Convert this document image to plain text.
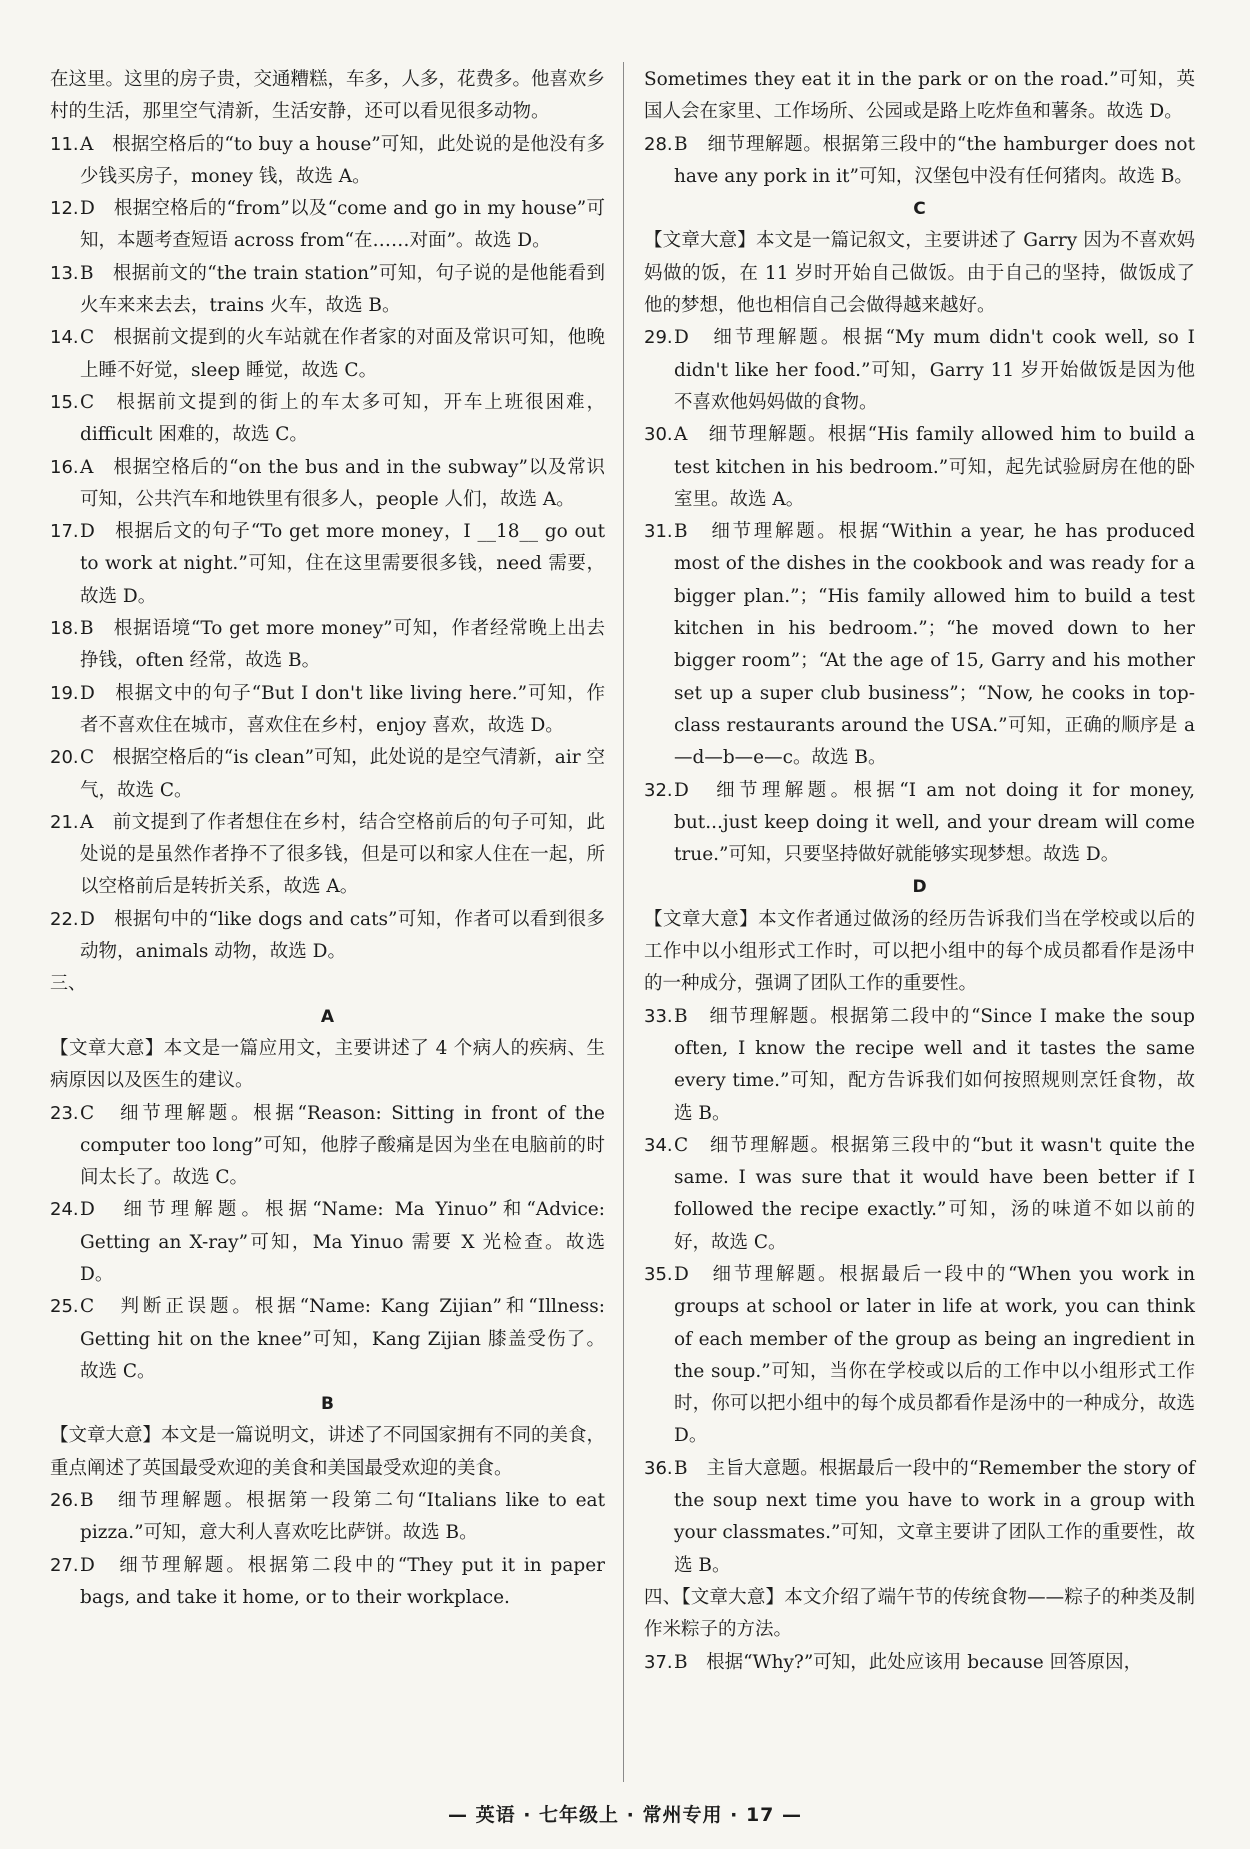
在这里。这里的房子贵，交通糟糕，车多，人多，花费多。他喜欢乡村的生活，那里空气清新，生活安静，还可以看见很多动物。

11. A　根据空格后的“to buy a house”可知，此处说的是他没有多少钱买房子，money 钱，故选 A。
12. D　根据空格后的“from”以及“come and go in my house”可知，本题考查短语 across from“在……对面”。故选 D。
13. B　根据前文的“the train station”可知，句子说的是他能看到火车来来去去，trains 火车，故选 B。
14. C　根据前文提到的火车站就在作者家的对面及常识可知，他晚上睡不好觉，sleep 睡觉，故选 C。
15. C　根据前文提到的街上的车太多可知，开车上班很困难，difficult 困难的，故选 C。
16. A　根据空格后的“on the bus and in the subway”以及常识可知，公共汽车和地铁里有很多人，people 人们，故选 A。
17. D　根据后文的句子“To get more money，I __18__ go out to work at night.”可知，住在这里需要很多钱，need 需要，故选 D。
18. B　根据语境“To get more money”可知，作者经常晚上出去挣钱，often 经常，故选 B。
19. D　根据文中的句子“But I don't like living here.”可知，作者不喜欢住在城市，喜欢住在乡村，enjoy 喜欢，故选 D。
20. C　根据空格后的“is clean”可知，此处说的是空气清新，air 空气，故选 C。
21. A　前文提到了作者想住在乡村，结合空格前后的句子可知，此处说的是虽然作者挣不了很多钱，但是可以和家人住在一起，所以空格前后是转折关系，故选 A。
22. D　根据句中的“like dogs and cats”可知，作者可以看到很多动物，animals 动物，故选 D。

三、

A

【文章大意】本文是一篇应用文，主要讲述了 4 个病人的疾病、生病原因以及医生的建议。

23. C　细节理解题。根据“Reason: Sitting in front of the computer too long”可知，他脖子酸痛是因为坐在电脑前的时间太长了。故选 C。
24. D　细节理解题。根据“Name: Ma Yinuo”和“Advice: Getting an X-ray”可知，Ma Yinuo 需要 X 光检查。故选 D。
25. C　判断正误题。根据“Name: Kang Zijian”和“Illness: Getting hit on the knee”可知，Kang Zijian 膝盖受伤了。故选 C。

B

【文章大意】本文是一篇说明文，讲述了不同国家拥有不同的美食，重点阐述了英国最受欢迎的美食和美国最受欢迎的美食。

26. B　细节理解题。根据第一段第二句“Italians like to eat pizza.”可知，意大利人喜欢吃比萨饼。故选 B。
27. D　细节理解题。根据第二段中的“They put it in paper bags, and take it home, or to their workplace.

Sometimes they eat it in the park or on the road.”可知，英国人会在家里、工作场所、公园或是路上吃炸鱼和薯条。故选 D。

28. B　细节理解题。根据第三段中的“the hamburger does not have any pork in it”可知，汉堡包中没有任何猪肉。故选 B。

C

【文章大意】本文是一篇记叙文，主要讲述了 Garry 因为不喜欢妈妈做的饭，在 11 岁时开始自己做饭。由于自己的坚持，做饭成了他的梦想，他也相信自己会做得越来越好。

29. D　细节理解题。根据“My mum didn't cook well, so I didn't like her food.”可知，Garry 11 岁开始做饭是因为他不喜欢他妈妈做的食物。
30. A　细节理解题。根据“His family allowed him to build a test kitchen in his bedroom.”可知，起先试验厨房在他的卧室里。故选 A。
31. B　细节理解题。根据“Within a year, he has produced most of the dishes in the cookbook and was ready for a bigger plan.”；“His family allowed him to build a test kitchen in his bedroom.”；“he moved down to her bigger room”；“At the age of 15, Garry and his mother set up a super club business”；“Now, he cooks in top-class restaurants around the USA.”可知，正确的顺序是 a—d—b—e—c。故选 B。
32. D　细节理解题。根据“I am not doing it for money, but...just keep doing it well, and your dream will come true.”可知，只要坚持做好就能够实现梦想。故选 D。

D

【文章大意】本文作者通过做汤的经历告诉我们当在学校或以后的工作中以小组形式工作时，可以把小组中的每个成员都看作是汤中的一种成分，强调了团队工作的重要性。

33. B　细节理解题。根据第二段中的“Since I make the soup often, I know the recipe well and it tastes the same every time.”可知，配方告诉我们如何按照规则烹饪食物，故选 B。
34. C　细节理解题。根据第三段中的“but it wasn't quite the same. I was sure that it would have been better if I followed the recipe exactly.”可知，汤的味道不如以前的好，故选 C。
35. D　细节理解题。根据最后一段中的“When you work in groups at school or later in life at work, you can think of each member of the group as being an ingredient in the soup.”可知，当你在学校或以后的工作中以小组形式工作时，你可以把小组中的每个成员都看作是汤中的一种成分，故选 D。
36. B　主旨大意题。根据最后一段中的“Remember the story of the soup next time you have to work in a group with your classmates.”可知，文章主要讲了团队工作的重要性，故选 B。

四、【文章大意】本文介绍了端午节的传统食物——粽子的种类及制作米粽子的方法。

37. B　根据“Why?”可知，此处应该用 because 回答原因，
— 英语 · 七年级上 · 常州专用 · 17 —
